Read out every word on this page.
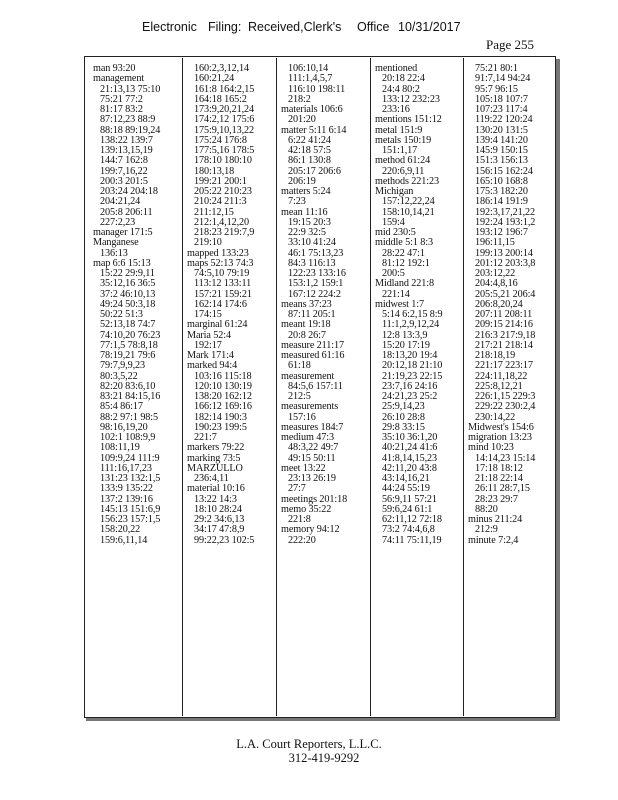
Electronic Filing: Received,Clerk's Office 10/31/2017
Page 255
man 93:20
management
21:13,13 75:10
75:21 77:2
81:17 83:2
87:12,23 88:9
88:18 89:19,24
138:22 139:7
139:13,15,19
144:7 162:8
199:7,16,22
200:3 201:5
203:24 204:18
204:21,24
205:8 206:11
227:2,23
manager 171:5
Manganese
136:13
map 6:6 15:13
15:22 29:9,11
35:12,16 36:5
37:2 46:10,13
49:24 50:3,18
50:22 51:3
52:13,18 74:7
74:10,20 76:23
77:1,5 78:8,18
78:19,21 79:6
79:7,9,9,23
80:3,5,22
82:20 83:6,10
83:21 84:15,16
85:4 86:17
88:2 97:1 98:5
98:16,19,20
102:1 108:9,9
108:11,19
109:9,24 111:9
111:16,17,23
131:23 132:1,5
133:9 135:22
137:2 139:16
145:13 151:6,9
156:23 157:1,5
158:20,22
159:6,11,14
160:2,3,12,14
160:21,24
161:8 164:2,15
164:18 165:2
173:9,20,21,24
174:2,12 175:6
175:9,10,13,22
175:24 176:8
177:5,16 178:5
178:10 180:10
180:13,18
199:21 200:1
205:22 210:23
210:24 211:3
211:12,15
212:1,4,12,20
218:23 219:7,9
219:10
mapped 133:23
maps 52:13 74:3
74:5,10 79:19
113:12 133:11
157:21 159:21
162:14 174:6
174:15
marginal 61:24
Maria 52:4
192:17
Mark 171:4
marked 94:4
103:16 115:18
120:10 130:19
138:20 162:12
166:12 169:16
182:14 190:3
190:23 199:5
221:7
markers 79:22
marking 73:5
MARZULLO
236:4,11
material 10:16
13:22 14:3
18:10 28:24
29:2 34:6,13
34:17 47:8,9
99:22,23 102:5
106:10,14
111:1,4,5,7
116:10 198:11
218:2
materials 106:6
201:20
matter 5:11 6:14
6:22 41:24
42:18 57:5
86:1 130:8
205:17 206:6
206:19
matters 5:24
7:23
mean 11:16
19:15 20:3
22:9 32:5
33:10 41:24
46:1 75:13,23
84:3 116:13
122:23 133:16
153:1,2 159:1
167:12 224:2
means 37:23
87:11 205:1
meant 19:18
20:8 26:7
measure 211:17
measured 61:16
61:18
measurement
84:5,6 157:11
212:5
measurements
157:16
measures 184:7
medium 47:3
48:3,22 49:7
49:15 50:11
meet 13:22
23:13 26:19
27:7
meetings 201:18
memo 35:22
221:8
memory 94:12
222:20
mentioned
20:18 22:4
24:4 80:2
133:12 232:23
233:16
mentions 151:12
metal 151:9
metals 150:19
151:1,17
method 61:24
220:6,9,11
methods 221:23
Michigan
157:12,22,24
158:10,14,21
159:4
mid 230:5
middle 5:1 8:3
28:22 47:1
81:12 192:1
200:5
Midland 221:8
221:14
midwest 1:7
5:14 6:2,15 8:9
11:1,2,9,12,24
12:8 13:3,9
15:20 17:19
18:13,20 19:4
20:12,18 21:10
21:19,23 22:15
23:7,16 24:16
24:21,23 25:2
25:9,14,23
26:10 28:8
29:8 33:15
35:10 36:1,20
40:21,24 41:6
41:8,14,15,23
42:11,20 43:8
43:14,16,21
44:24 55:19
56:9,11 57:21
59:6,24 61:1
62:11,12 72:18
73:2 74:4,6,8
74:11 75:11,19
75:21 80:1
91:7,14 94:24
95:7 96:15
105:18 107:7
107:23 117:4
119:22 120:24
130:20 131:5
139:4 141:20
145:9 150:15
151:3 156:13
156:15 162:24
165:10 168:8
175:3 182:20
186:14 191:9
192:3,17,21,22
192:24 193:1,2
193:12 196:7
196:11,15
199:13 200:14
201:12 203:3,8
203:12,22
204:4,8,16
205:5,21 206:4
206:8,20,24
207:11 208:11
209:15 214:16
216:3 217:9,18
217:21 218:14
218:18,19
221:17 223:17
224:11,18,22
225:8,12,21
226:1,15 229:3
229:22 230:2,4
230:14,22
Midwest's 154:6
migration 13:23
mind 10:23
14:14,23 15:14
17:18 18:12
21:18 22:14
26:11 28:7,15
28:23 29:7
88:20
minus 211:24
212:9
minute 7:2,4
L.A. Court Reporters, L.L.C.
312-419-9292
